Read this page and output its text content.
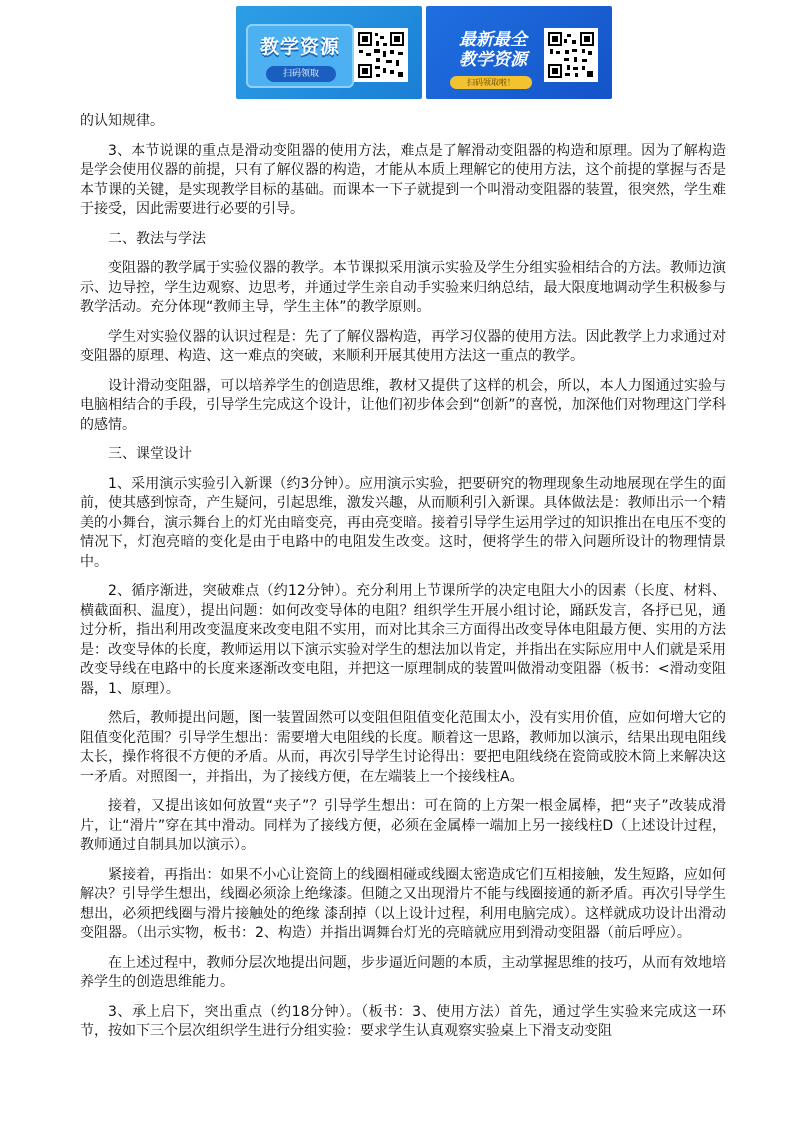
教学资源
扫码领取
最新最全
教学资源
扫码领取啦！

的认知规律。

3、本节说课的重点是滑动变阻器的使用方法，难点是了解滑动变阻器的构造和原理。因为了解构造是学会使用仪器的前提，只有了解仪器的构造，才能从本质上理解它的使用方法，这个前提的掌握与否是本节课的关键，是实现教学目标的基础。而课本一下子就提到一个叫滑动变阻器的装置，很突然，学生难于接受，因此需要进行必要的引导。

二、教法与学法

变阻器的教学属于实验仪器的教学。本节课拟采用演示实验及学生分组实验相结合的方法。教师边演示、边导控，学生边观察、边思考，并通过学生亲自动手实验来归纳总结，最大限度地调动学生积极参与教学活动。充分体现“教师主导，学生主体”的教学原则。

学生对实验仪器的认识过程是：先了了解仪器构造，再学习仪器的使用方法。因此教学上力求通过对变阻器的原理、构造、这一难点的突破，来顺利开展其使用方法这一重点的教学。

设计滑动变阻器，可以培养学生的创造思维，教材又提供了这样的机会，所以，本人力图通过实验与电脑相结合的手段，引导学生完成这个设计，让他们初步体会到“创新”的喜悦，加深他们对物理这门学科的感情。

三、课堂设计

1、采用演示实验引入新课（约3分钟）。应用演示实验，把要研究的物理现象生动地展现在学生的面前，使其感到惊奇，产生疑问，引起思维，激发兴趣，从而顺利引入新课。具体做法是：教师出示一个精美的小舞台，演示舞台上的灯光由暗变亮，再由亮变暗。接着引导学生运用学过的知识推出在电压不变的情况下，灯泡亮暗的变化是由于电路中的电阻发生改变。这时，便将学生的带入问题所设计的物理情景中。

2、循序渐进，突破难点（约12分钟）。充分利用上节课所学的决定电阻大小的因素（长度、材料、横截面积、温度），提出问题：如何改变导体的电阻？组织学生开展小组讨论，踊跃发言，各抒已见，通过分析，指出利用改变温度来改变电阻不实用，而对比其余三方面得出改变导体电阻最方便、实用的方法是：改变导体的长度，教师运用以下演示实验对学生的想法加以肯定，并指出在实际应用中人们就是采用改变导线在电路中的长度来逐渐改变电阻，并把这一原理制成的装置叫做滑动变阻器（板书：<滑动变阻器，1、原理）。

然后，教师提出问题，图一装置固然可以变阻但阻值变化范围太小，没有实用价值，应如何增大它的阻值变化范围？引导学生想出：需要增大电阻线的长度。顺着这一思路，教师加以演示，结果出现电阻线太长，操作将很不方便的矛盾。从而，再次引导学生讨论得出：要把电阻线绕在瓷筒或胶木筒上来解决这一矛盾。对照图一，并指出，为了接线方便，在左端装上一个接线柱A。

接着，又提出该如何放置“夹子”？引导学生想出：可在筒的上方架一根金属棒，把“夹子”改装成滑片，让“滑片”穿在其中滑动。同样为了接线方便，必须在金属棒一端加上另一接线柱D（上述设计过程，教师通过自制具加以演示）。

紧接着，再指出：如果不小心让瓷筒上的线圈相碰或线圈太密造成它们互相接触，发生短路，应如何解决？引导学生想出，线圈必须涂上绝缘漆。但随之又出现滑片不能与线圈接通的新矛盾。再次引导学生想出，必须把线圈与滑片接触处的绝缘 漆刮掉（以上设计过程，利用电脑完成）。这样就成功设计出滑动变阻器。（出示实物，板书：2、构造）并指出调舞台灯光的亮暗就应用到滑动变阻器（前后呼应）。

在上述过程中，教师分层次地提出问题，步步逼近问题的本质，主动掌握思维的技巧，从而有效地培养学生的创造思维能力。

3、承上启下，突出重点（约18分钟）。（板书：3、使用方法）首先，通过学生实验来完成这一环节，按如下三个层次组织学生进行分组实验：要求学生认真观察实验桌上下滑支动变阻
